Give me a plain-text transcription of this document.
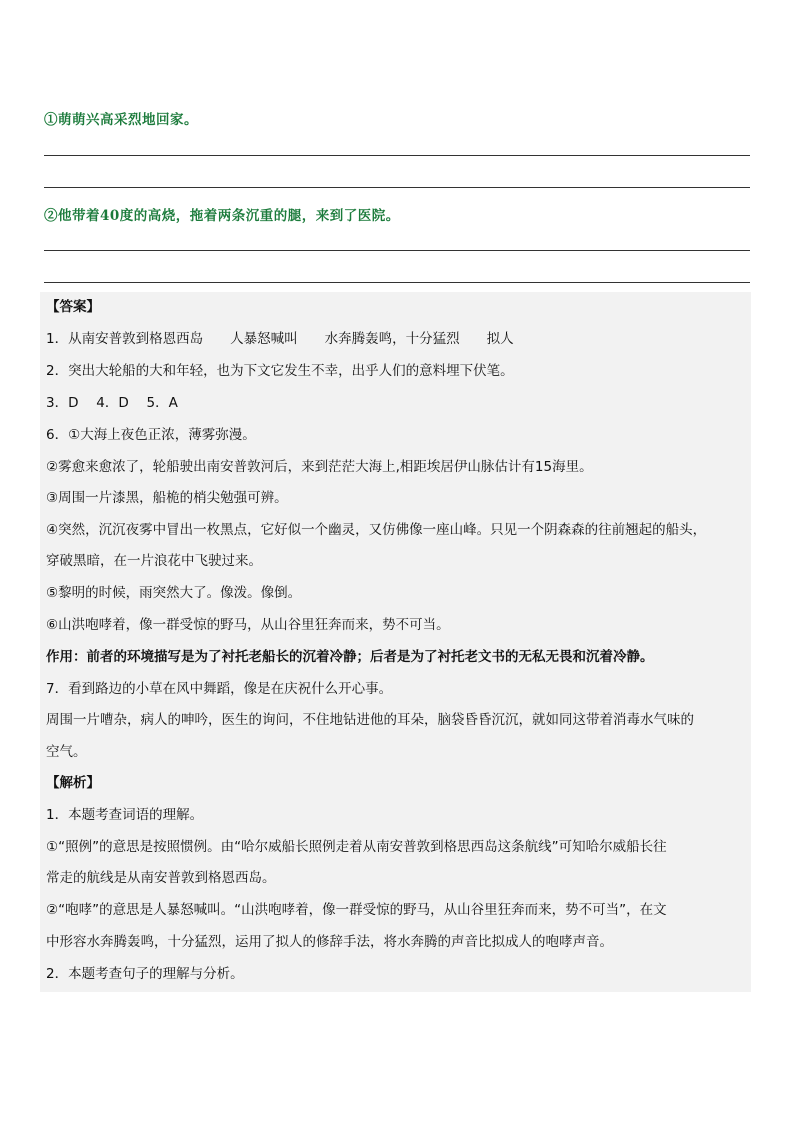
①萌萌兴高采烈地回家。
②他带着40度的高烧，拖着两条沉重的腿，来到了医院。
【答案】
1．从南安普敦到格恩西岛　　人暴怒喊叫　　水奔腾轰鸣，十分猛烈　　拟人
2．突出大轮船的大和年轻，也为下文它发生不幸，出乎人们的意料埋下伏笔。
3．D　 4．D　 5．A
6．①大海上夜色正浓，薄雾弥漫。
②雾愈来愈浓了，轮船驶出南安普敦河后，来到茫茫大海上,相距埃居伊山脉估计有15海里。
③周围一片漆黑，船桅的梢尖勉强可辨。
④突然，沉沉夜雾中冒出一枚黑点，它好似一个幽灵，又仿佛像一座山峰。只见一个阴森森的往前翘起的船头，
穿破黑暗，在一片浪花中飞驶过来。
⑤黎明的时候，雨突然大了。像泼。像倒。
⑥山洪咆哮着，像一群受惊的野马，从山谷里狂奔而来，势不可当。
作用：前者的环境描写是为了衬托老船长的沉着冷静；后者是为了衬托老文书的无私无畏和沉着冷静。
7．看到路边的小草在风中舞蹈，像是在庆祝什么开心事。
周围一片嘈杂，病人的呻吟，医生的询问，不住地钻进他的耳朵，脑袋昏昏沉沉，就如同这带着消毒水气味的
空气。
【解析】
1．本题考查词语的理解。
①“照例”的意思是按照惯例。由“哈尔威船长照例走着从南安普敦到格思西岛这条航线”可知哈尔威船长往
常走的航线是从南安普敦到格恩西岛。
②“咆哮”的意思是人暴怒喊叫。“山洪咆哮着，像一群受惊的野马，从山谷里狂奔而来，势不可当”，在文
中形容水奔腾轰鸣，十分猛烈，运用了拟人的修辞手法，将水奔腾的声音比拟成人的咆哮声音。
2．本题考查句子的理解与分析。
